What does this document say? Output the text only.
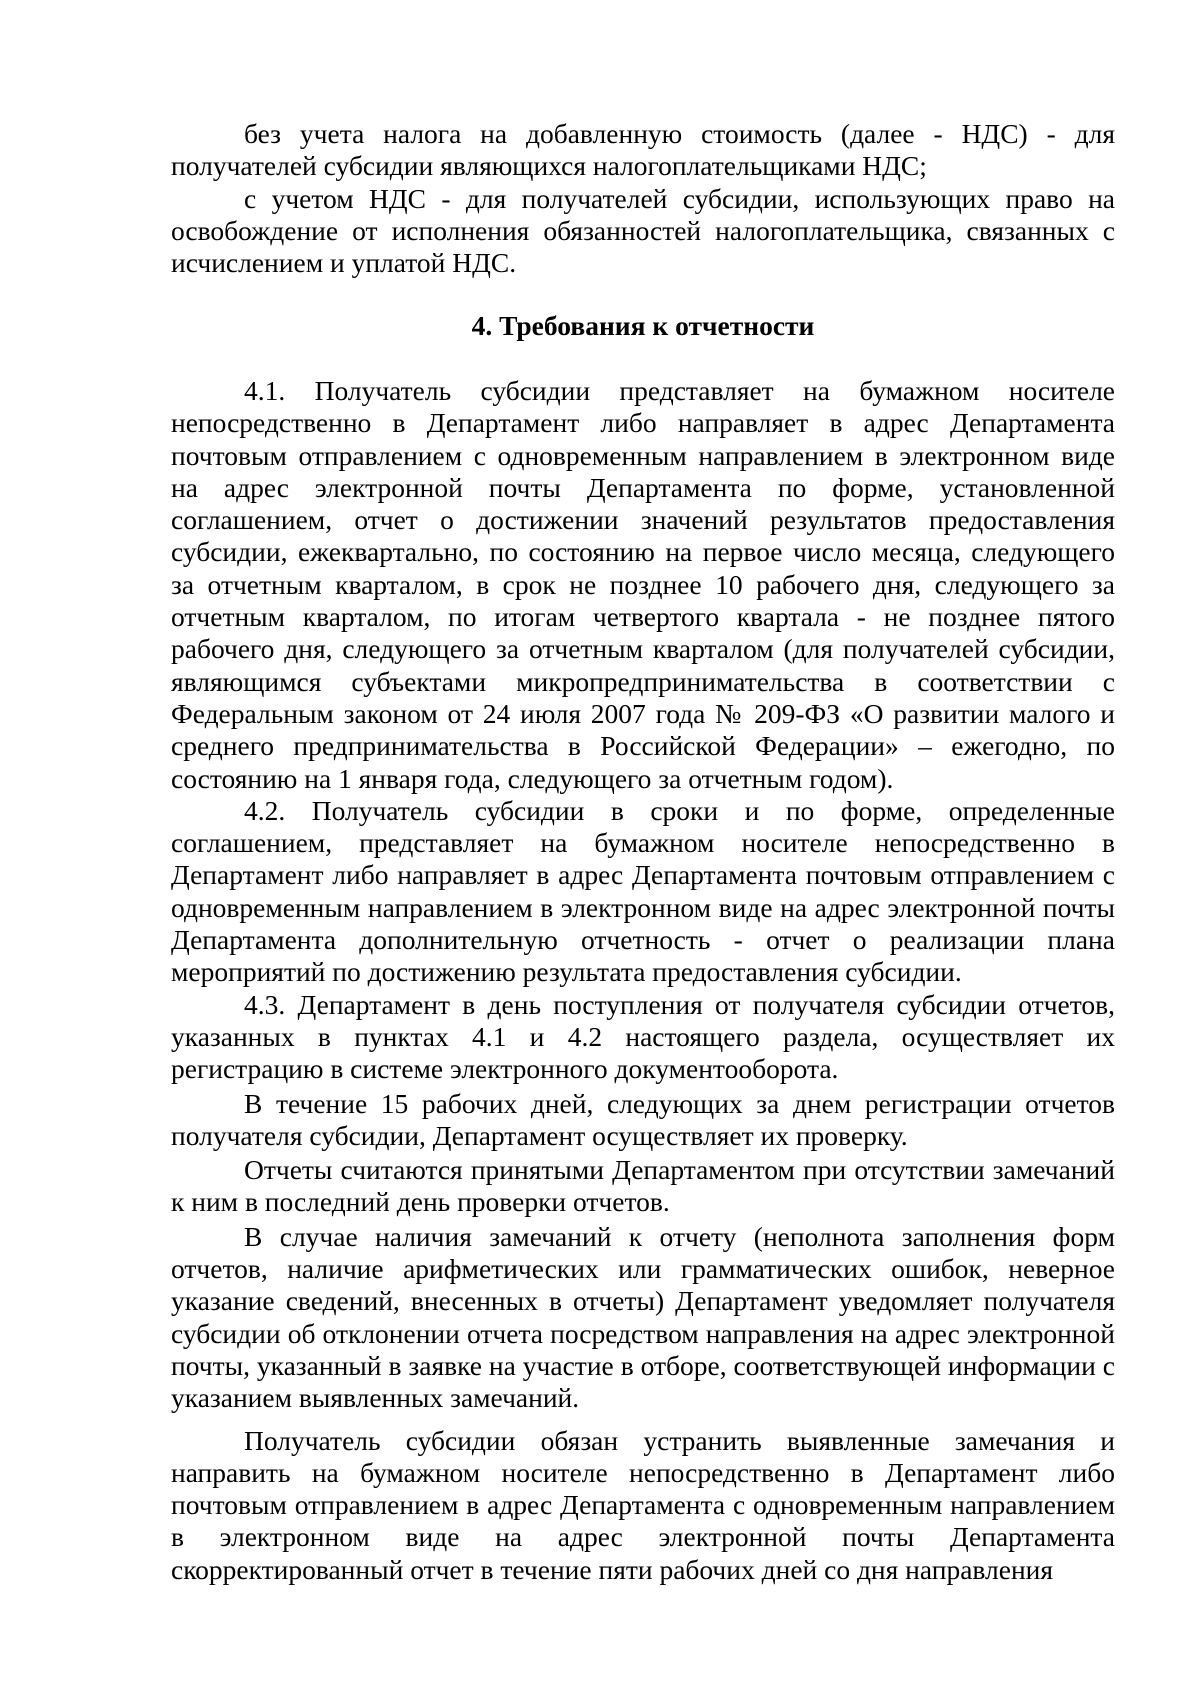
без учета налога на добавленную стоимость (далее - НДС) - для получателей субсидии являющихся налогоплательщиками НДС;

с учетом НДС - для получателей субсидии, использующих право на освобождение от исполнения обязанностей налогоплательщика, связанных с исчислением и уплатой НДС.

4. Требования к отчетности

4.1. Получатель субсидии представляет на бумажном носителе непосредственно в Департамент либо направляет в адрес Департамента почтовым отправлением с одновременным направлением в электронном виде на адрес электронной почты Департамента по форме, установленной соглашением, отчет о достижении значений результатов предоставления субсидии, ежеквартально, по состоянию на первое число месяца, следующего за отчетным кварталом, в срок не позднее 10 рабочего дня, следующего за отчетным кварталом, по итогам четвертого квартала - не позднее пятого рабочего дня, следующего за отчетным кварталом (для получателей субсидии, являющимся субъектами микропредпринимательства в соответствии с Федеральным законом от 24 июля 2007 года № 209-ФЗ «О развитии малого и среднего предпринимательства в Российской Федерации» – ежегодно, по состоянию на 1 января года, следующего за отчетным годом).

4.2. Получатель субсидии в сроки и по форме, определенные соглашением, представляет на бумажном носителе непосредственно в Департамент либо направляет в адрес Департамента почтовым отправлением с одновременным направлением в электронном виде на адрес электронной почты Департамента дополнительную отчетность - отчет о реализации плана мероприятий по достижению результата предоставления субсидии.

4.3. Департамент в день поступления от получателя субсидии отчетов, указанных в пунктах 4.1 и 4.2 настоящего раздела, осуществляет их регистрацию в системе электронного документооборота.

В течение 15 рабочих дней, следующих за днем регистрации отчетов получателя субсидии, Департамент осуществляет их проверку.

Отчеты считаются принятыми Департаментом при отсутствии замечаний к ним в последний день проверки отчетов.

В случае наличия замечаний к отчету (неполнота заполнения форм отчетов, наличие арифметических или грамматических ошибок, неверное указание сведений, внесенных в отчеты) Департамент уведомляет получателя субсидии об отклонении отчета посредством направления на адрес электронной почты, указанный в заявке на участие в отборе, соответствующей информации с указанием выявленных замечаний.

Получатель субсидии обязан устранить выявленные замечания и направить на бумажном носителе непосредственно в Департамент либо почтовым отправлением в адрес Департамента с одновременным направлением в электронном виде на адрес электронной почты Департамента скорректированный отчет в течение пяти рабочих дней со дня направления
